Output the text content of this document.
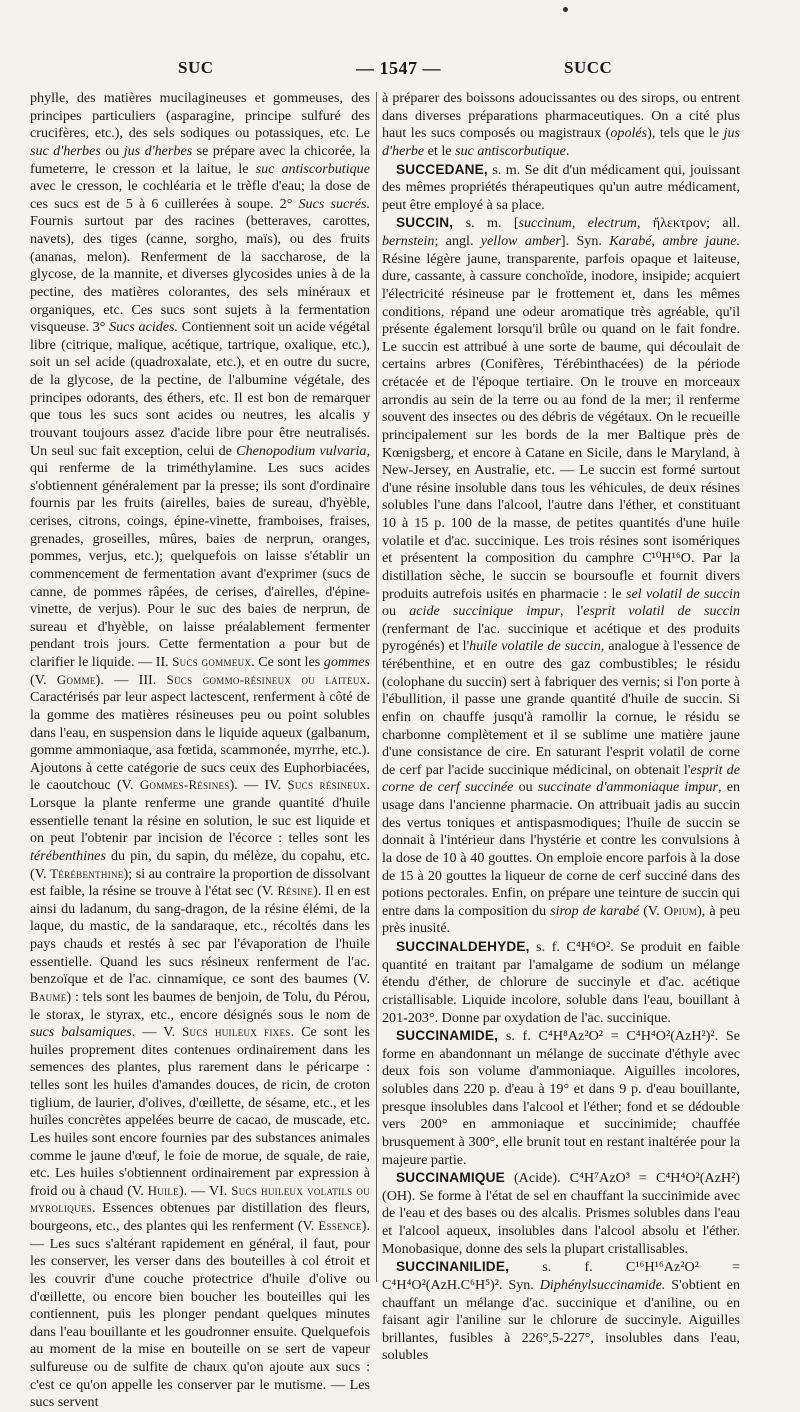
SUC	— 1547 —	SUCC

phylle, des matières mucilagineuses et gommeuses, des principes particuliers (asparagine, principe sulfuré des crucifères, etc.), des sels sodiques ou potassiques, etc. Le suc d'herbes ou jus d'herbes se prépare avec la chicorée, la fumeterre, le cresson et la laitue, le suc antiscorbutique avec le cresson, le cochléaria et le trèfle d'eau; la dose de ces sucs est de 5 à 6 cuillerées à soupe. 2° Sucs sucrés. Fournis surtout par des racines (betteraves, carottes, navets), des tiges (canne, sorgho, maïs), ou des fruits (ananas, melon). Renferment de la saccharose, de la glycose, de la mannite, et diverses glycosides unies à de la pectine, des matières colorantes, des sels minéraux et organiques, etc. Ces sucs sont sujets à la fermentation visqueuse. 3° Sucs acides. Contiennent soit un acide végétal libre (citrique, malique, acétique, tartrique, oxalique, etc.), soit un sel acide (quadroxalate, etc.), et en outre du sucre, de la glycose, de la pectine, de l'albumine végétale, des principes odorants, des éthers, etc. Il est bon de remarquer que tous les sucs sont acides ou neutres, les alcalis y trouvant toujours assez d'acide libre pour être neutralisés. Un seul suc fait exception, celui de Chenopodium vulvaria, qui renferme de la triméthylamine. Les sucs acides s'obtiennent généralement par la presse; ils sont d'ordinaire fournis par les fruits (airelles, baies de sureau, d'hyèble, cerises, citrons, coings, épine-vinette, framboises, fraises, grenades, groseilles, mûres, baies de nerprun, oranges, pommes, verjus, etc.); quelquefois on laisse s'établir un commencement de fermentation avant d'exprimer (sucs de canne, de pommes râpées, de cerises, d'airelles, d'épine-vinette, de verjus). Pour le suc des baies de nerprun, de sureau et d'hyèble, on laisse préalablement fermenter pendant trois jours. Cette fermentation a pour but de clarifier le liquide. — II. Sucs gommeux. Ce sont les gommes (V. Gomme). — III. Sucs gommo-résineux ou laiteux. Caractérisés par leur aspect lactescent, renferment à côté de la gomme des matières résineuses peu ou point solubles dans l'eau, en suspension dans le liquide aqueux (galbanum, gomme ammoniaque, asa fœtida, scammonée, myrrhe, etc.). Ajoutons à cette catégorie de sucs ceux des Euphorbiacées, le caoutchouc (V. Gommes-Résines). — IV. Sucs résineux. Lorsque la plante renferme une grande quantité d'huile essentielle tenant la résine en solution, le suc est liquide et on peut l'obtenir par incision de l'écorce : telles sont les térébenthines du pin, du sapin, du mélèze, du copahu, etc. (V. Térébenthine); si au contraire la proportion de dissolvant est faible, la résine se trouve à l'état sec (V. Résine). Il en est ainsi du ladanum, du sang-dragon, de la résine élémi, de la laque, du mastic, de la sandaraque, etc., récoltés dans les pays chauds et restés à sec par l'évaporation de l'huile essentielle. Quand les sucs résineux renferment de l'ac. benzoïque et de l'ac. cinnamique, ce sont des baumes (V. Baume) : tels sont les baumes de benjoin, de Tolu, du Pérou, le storax, le styrax, etc., encore désignés sous le nom de sucs balsamiques. — V. Sucs huileux fixes. Ce sont les huiles proprement dites contenues ordinairement dans les semences des plantes, plus rarement dans le péricarpe : telles sont les huiles d'amandes douces, de ricin, de croton tiglium, de laurier, d'olives, d'œillette, de sésame, etc., et les huiles concrètes appelées beurre de cacao, de muscade, etc. Les huiles sont encore fournies par des substances animales comme le jaune d'œuf, le foie de morue, de squale, de raie, etc. Les huiles s'obtiennent ordinairement par expression à froid ou à chaud (V. Huile). — VI. Sucs huileux volatils ou myroliques. Essences obtenues par distillation des fleurs, bourgeons, etc., des plantes qui les renferment (V. Essence). — Les sucs s'altérant rapidement en général, il faut, pour les conserver, les verser dans des bouteilles à col étroit et les couvrir d'une couche protectrice d'huile d'olive ou d'œillette, ou encore bien boucher les bouteilles qui les contiennent, puis les plonger pendant quelques minutes dans l'eau bouillante et les goudronner ensuite. Quelquefois au moment de la mise en bouteille on se sert de vapeur sulfureuse ou de sulfite de chaux qu'on ajoute aux sucs : c'est ce qu'on appelle les conserver par le mutisme. — Les sucs servent

à préparer des boissons adoucissantes ou des sirops, ou entrent dans diverses préparations pharmaceutiques. On a cité plus haut les sucs composés ou magistraux (opolés), tels que le jus d'herbe et le suc antiscorbutique.

SUCCEDANE, s. m. Se dit d'un médicament qui, jouissant des mêmes propriétés thérapeutiques qu'un autre médicament, peut être employé à sa place.

SUCCIN, s. m. [succinum, electrum, ἤλεκτρον; all. bernstein; angl. yellow amber]. Syn. Karabé, ambre jaune. Résine légère jaune, transparente, parfois opaque et laiteuse, dure, cassante, à cassure conchoïde, inodore, insipide; acquiert l'électricité résineuse par le frottement et, dans les mêmes conditions, répand une odeur aromatique très agréable, qu'il présente également lorsqu'il brûle ou quand on le fait fondre. Le succin est attribué à une sorte de baume, qui découlait de certains arbres (Conifères, Térébinthacées) de la période crétacée et de l'époque tertiaire. On le trouve en morceaux arrondis au sein de la terre ou au fond de la mer; il renferme souvent des insectes ou des débris de végétaux. On le recueille principalement sur les bords de la mer Baltique près de Kœnigsberg, et encore à Catane en Sicile, dans le Maryland, à New-Jersey, en Australie, etc. — Le succin est formé surtout d'une résine insoluble dans tous les véhicules, de deux résines solubles l'une dans l'alcool, l'autre dans l'éther, et constituant 10 à 15 p. 100 de la masse, de petites quantités d'une huile volatile et d'ac. succinique. Les trois résines sont isomériques et présentent la composition du camphre C¹⁰H¹⁶O. Par la distillation sèche, le succin se boursoufle et fournit divers produits autrefois usités en pharmacie : le sel volatil de succin ou acide succinique impur, l'esprit volatil de succin (renfermant de l'ac. succinique et acétique et des produits pyrogénés) et l'huile volatile de succin, analogue à l'essence de térébenthine, et en outre des gaz combustibles; le résidu (colophane du succin) sert à fabriquer des vernis; si l'on porte à l'ébullition, il passe une grande quantité d'huile de succin. Si enfin on chauffe jusqu'à ramollir la cornue, le résidu se charbonne complètement et il se sublime une matière jaune d'une consistance de cire. En saturant l'esprit volatil de corne de cerf par l'acide succinique médicinal, on obtenait l'esprit de corne de cerf succinée ou succinate d'ammoniaque impur, en usage dans l'ancienne pharmacie. On attribuait jadis au succin des vertus toniques et antispasmodiques; l'huile de succin se donnait à l'intérieur dans l'hystérie et contre les convulsions à la dose de 10 à 40 gouttes. On emploie encore parfois à la dose de 15 à 20 gouttes la liqueur de corne de cerf succiné dans des potions pectorales. Enfin, on prépare une teinture de succin qui entre dans la composition du sirop de karabé (V. Opium), à peu près inusité.

SUCCINALDEHYDE, s. f. C⁴H⁶O². Se produit en faible quantité en traitant par l'amalgame de sodium un mélange étendu d'éther, de chlorure de succinyle et d'ac. acétique cristallisable. Liquide incolore, soluble dans l'eau, bouillant à 201-203°. Donne par oxydation de l'ac. succinique.

SUCCINAMIDE, s. f. C⁴H⁸Az²O² = C⁴H⁴O²(AzH²)². Se forme en abandonnant un mélange de succinate d'éthyle avec deux fois son volume d'ammoniaque. Aiguilles incolores, solubles dans 220 p. d'eau à 19° et dans 9 p. d'eau bouillante, presque insolubles dans l'alcool et l'éther; fond et se dédouble vers 200° en ammoniaque et succinimide; chauffée brusquement à 300°, elle brunit tout en restant inaltérée pour la majeure partie.

SUCCINAMIQUE (Acide). C⁴H⁷AzO³ = C⁴H⁴O²(AzH²)(OH). Se forme à l'état de sel en chauffant la succinimide avec de l'eau et des bases ou des alcalis. Prismes solubles dans l'eau et l'alcool aqueux, insolubles dans l'alcool absolu et l'éther. Monobasique, donne des sels la plupart cristallisables.

SUCCINANILIDE, s. f. C¹⁶H¹⁶Az²O² = C⁴H⁴O²(AzH.C⁶H⁵)². Syn. Diphénylsuccinamide. S'obtient en chauffant un mélange d'ac. succinique et d'aniline, ou en faisant agir l'aniline sur le chlorure de succinyle. Aiguilles brillantes, fusibles à 226°,5-227°, insolubles dans l'eau, solubles
